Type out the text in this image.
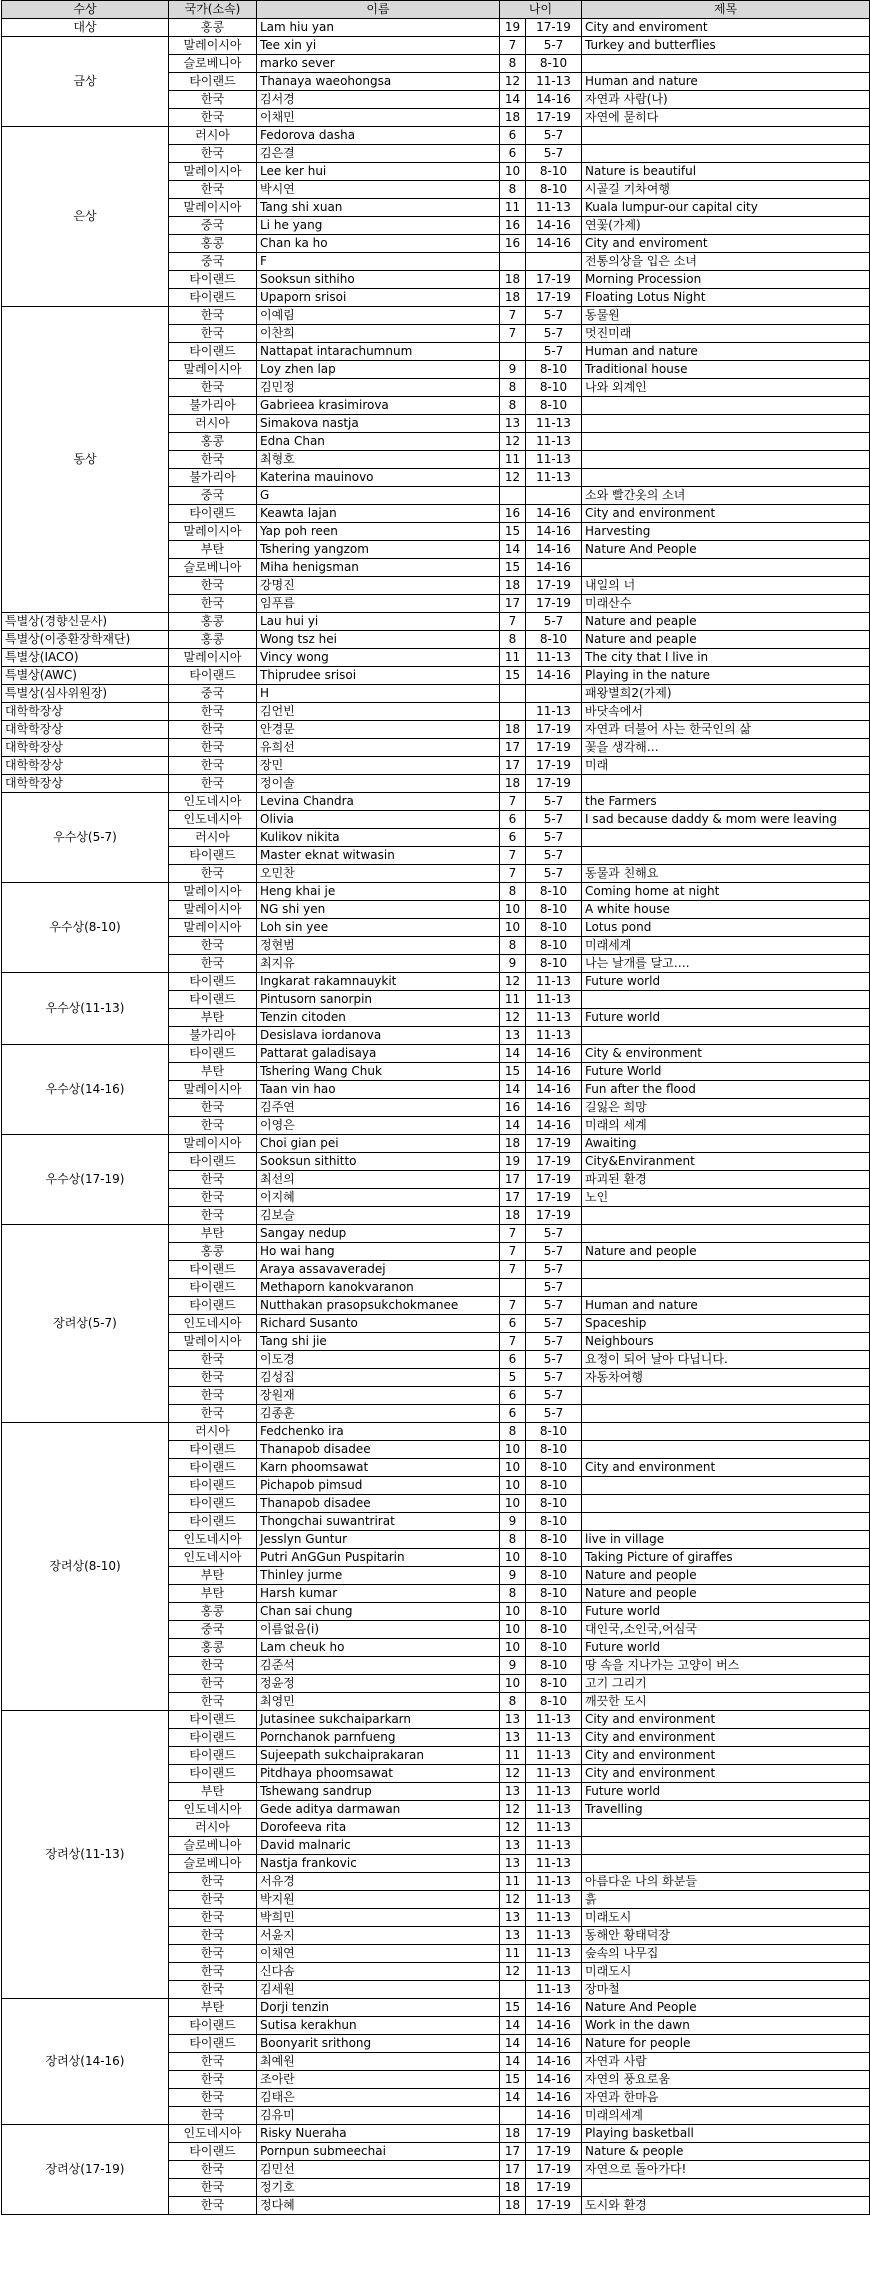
수상	국가(소속)	이름	나이		제목
대상	홍콩	Lam hiu yan	19	17-19	City and enviroment
금상	말레이시아	Tee xin yi	7	5-7	Turkey and butterflies
	슬로베니아	marko sever	8	8-10	
	타이랜드	Thanaya waeohongsa	12	11-13	Human and nature
	한국	김서경	14	14-16	자연과 사람(나)
	한국	이채민	18	17-19	자연에 묻히다
은상	러시아	Fedorova dasha	6	5-7	
	한국	김은결	6	5-7	
	말레이시아	Lee ker hui	10	8-10	Nature is beautiful
	한국	박시연	8	8-10	시골길 기차여행
	말레이시아	Tang shi xuan	11	11-13	Kuala lumpur-our capital city
	중국	Li he yang	16	14-16	연꽃(가제)
	홍콩	Chan ka ho	16	14-16	City and enviroment
	중국	F			전통의상을 입은 소녀
	타이랜드	Sooksun sithiho	18	17-19	Morning Procession
	타이랜드	Upaporn srisoi	18	17-19	Floating Lotus Night
동상	한국	이예림	7	5-7	동물원
	한국	이찬희	7	5-7	멋진미래
	타이랜드	Nattapat intarachumnum		5-7	Human and nature
	말레이시아	Loy zhen lap	9	8-10	Traditional house
	한국	김민정	8	8-10	나와 외계인
	불가리아	Gabrieea krasimirova	8	8-10	
	러시아	Simakova nastja	13	11-13	
	홍콩	Edna Chan	12	11-13	
	한국	최형호	11	11-13	
	불가리아	Katerina mauinovo	12	11-13	
	중국	G			소와 빨간옷의 소녀
	타이랜드	Keawta lajan	16	14-16	City and environment
	말레이시아	Yap poh reen	15	14-16	Harvesting
	부탄	Tshering yangzom	14	14-16	Nature And People
	슬로베니아	Miha henigsman	15	14-16	
	한국	강명진	18	17-19	내일의 너
	한국	임푸름	17	17-19	미래산수
특별상(경향신문사)	홍콩	Lau hui yi	7	5-7	Nature and peaple
특별상(이중환장학재단)	홍콩	Wong tsz hei	8	8-10	Nature and peaple
특별상(IACO)	말레이시아	Vincy wong	11	11-13	The city that I live in
특별상(AWC)	타이랜드	Thiprudee srisoi	15	14-16	Playing in the nature
특별상(심사위원장)	중국	H			패왕별희2(가제)
대학학장상	한국	김언빈		11-13	바닷속에서
대학학장상	한국	안경문	18	17-19	자연과 더불어 사는 한국인의 삶
대학학장상	한국	유희선	17	17-19	꽃을 생각해…
대학학장상	한국	장민	17	17-19	미래
대학학장상	한국	정이솔	18	17-19	
우수상(5-7)	인도네시아	Levina Chandra	7	5-7	the Farmers
	인도네시아	Olivia	6	5-7	I sad because daddy & mom were leaving
	러시아	Kulikov nikita	6	5-7	
	타이랜드	Master eknat witwasin	7	5-7	
	한국	오민찬	7	5-7	동물과 친해요
우수상(8-10)	말레이시아	Heng khai je	8	8-10	Coming home at night
	말레이시아	NG shi yen	10	8-10	A white house
	말레이시아	Loh sin yee	10	8-10	Lotus pond
	한국	정현범	8	8-10	미래세계
	한국	최지유	9	8-10	나는 날개를 달고….
우수상(11-13)	타이랜드	Ingkarat rakamnauykit	12	11-13	Future world
	타이랜드	Pintusorn sanorpin	11	11-13	
	부탄	Tenzin citoden	12	11-13	Future world
	불가리아	Desislava iordanova	13	11-13	
우수상(14-16)	타이랜드	Pattarat galadisaya	14	14-16	City & environment
	부탄	Tshering Wang Chuk	15	14-16	Future World
	말레이시아	Taan vin hao	14	14-16	Fun after the flood
	한국	김주연	16	14-16	길잃은 희망
	한국	이영은	14	14-16	미래의 세계
우수상(17-19)	말레이시아	Choi gian pei	18	17-19	Awaiting
	타이랜드	Sooksun sithitto	19	17-19	City&Enviranment
	한국	최선의	17	17-19	파괴된 환경
	한국	이지혜	17	17-19	노인
	한국	김보슬	18	17-19	
장려상(5-7)	부탄	Sangay nedup	7	5-7	
	홍콩	Ho wai hang	7	5-7	Nature and people
	타이랜드	Araya assavaveradej	7	5-7	
	타이랜드	Methaporn kanokvaranon		5-7	
	타이랜드	Nutthakan prasopsukchokmanee	7	5-7	Human and nature
	인도네시아	Richard Susanto	6	5-7	Spaceship
	말레이시아	Tang shi jie	7	5-7	Neighbours
	한국	이도경	6	5-7	요정이 되어 날아 다닙니다.
	한국	김성집	5	5-7	자동차여행
	한국	장원재	6	5-7	
	한국	김종훈	6	5-7	
장려상(8-10)	러시아	Fedchenko ira	8	8-10	
	타이랜드	Thanapob disadee	10	8-10	
	타이랜드	Karn phoomsawat	10	8-10	City and environment
	타이랜드	Pichapob pimsud	10	8-10	
	타이랜드	Thanapob disadee	10	8-10	
	타이랜드	Thongchai suwantrirat	9	8-10	
	인도네시아	Jesslyn Guntur	8	8-10	live in village
	인도네시아	Putri AnGGun Puspitarin	10	8-10	Taking Picture of giraffes
	부탄	Thinley jurme	9	8-10	Nature and people
	부탄	Harsh kumar	8	8-10	Nature and people
	홍콩	Chan sai chung	10	8-10	Future world
	중국	이름없음(i)	10	8-10	대인국,소인국,어심국
	홍콩	Lam cheuk ho	10	8-10	Future world
	한국	김준석	9	8-10	땅 속을 지나가는 고양이 버스
	한국	정윤정	10	8-10	고기 그리기
	한국	최영민	8	8-10	깨끗한 도시
장려상(11-13)	타이랜드	Jutasinee sukchaiparkarn	13	11-13	City and environment
	타이랜드	Pornchanok parnfueng	13	11-13	City and environment
	타이랜드	Sujeepath sukchaiprakaran	11	11-13	City and environment
	타이랜드	Pitdhaya phoomsawat	12	11-13	City and environment
	부탄	Tshewang sandrup	13	11-13	Future world
	인도네시아	Gede aditya darmawan	12	11-13	Travelling
	러시아	Dorofeeva rita	12	11-13	
	슬로베니아	David malnaric	13	11-13	
	슬로베니아	Nastja frankovic	13	11-13	
	한국	서유경	11	11-13	아름다운 나의 화분들
	한국	박지원	12	11-13	흙
	한국	박희민	13	11-13	미래도시
	한국	서윤지	13	11-13	동해안 황태덕장
	한국	이채연	11	11-13	숲속의 나무집
	한국	신다솜	12	11-13	미래도시
	한국	김세원		11-13	장마철
장려상(14-16)	부탄	Dorji tenzin	15	14-16	Nature And People
	타이랜드	Sutisa kerakhun	14	14-16	Work in the dawn
	타이랜드	Boonyarit srithong	14	14-16	Nature for people
	한국	최예원	14	14-16	자연과 사람
	한국	조아란	15	14-16	자연의 풍요로움
	한국	김태은	14	14-16	자연과 한마음
	한국	김유미		14-16	미래의세계
장려상(17-19)	인도네시아	Risky Nueraha	18	17-19	Playing basketball
	타이랜드	Pornpun submeechai	17	17-19	Nature & people
	한국	김민선	17	17-19	자연으로 돌아가다!
	한국	정기호	18	17-19	
	한국	정다혜	18	17-19	도시와 환경
